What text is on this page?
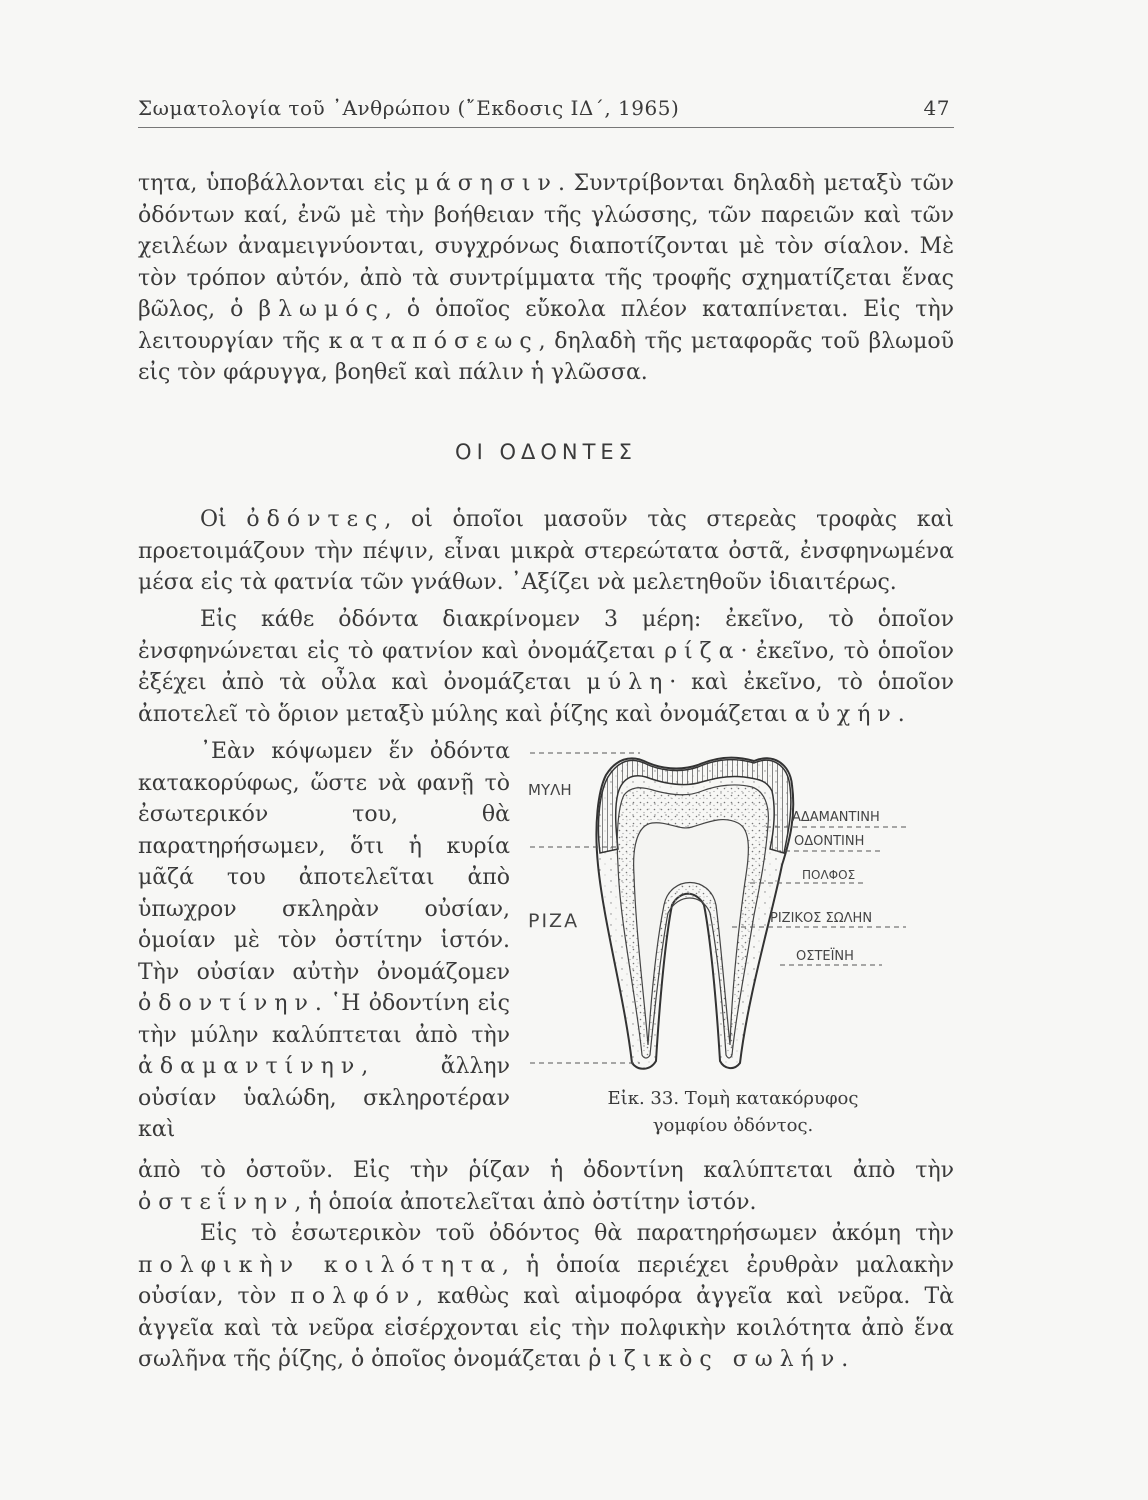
Σωματολογία τοῦ ᾿Ανθρώπου (῎Εκδοσις ΙΔ΄, 1965)	47
τητα, ὑποβάλλονται εἰς μάσησιν. Συντρίβονται δηλαδὴ μεταξὺ τῶν ὀδόντων καί, ἐνῶ μὲ τὴν βοήθειαν τῆς γλώσσης, τῶν παρειῶν καὶ τῶν χειλέων ἀναμειγνύονται, συγχρόνως διαποτίζονται μὲ τὸν σίαλον. Μὲ τὸν τρόπον αὐτόν, ἀπὸ τὰ συντρίμματα τῆς τροφῆς σχηματίζεται ἕνας βῶλος, ὁ βλωμός, ὁ ὁποῖος εὔκολα πλέον καταπίνεται. Εἰς τὴν λειτουργίαν τῆς καταπόσεως, δηλαδὴ τῆς μεταφορᾶς τοῦ βλωμοῦ εἰς τὸν φάρυγγα, βοηθεῖ καὶ πάλιν ἡ γλῶσσα.
ΟΙ ΟΔΟΝΤΕΣ
Οἱ ὀδόντες, οἱ ὁποῖοι μασοῦν τὰς στερεὰς τροφὰς καὶ προετοιμάζουν τὴν πέψιν, εἶναι μικρὰ στερεώτατα ὀστᾶ, ἐνσφηνωμένα μέσα εἰς τὰ φατνία τῶν γνάθων. ᾿Αξίζει νὰ μελετηθοῦν ἰδιαιτέρως.
Εἰς κάθε ὀδόντα διακρίνομεν 3 μέρη: ἐκεῖνο, τὸ ὁποῖον ἐνσφηνώνεται εἰς τὸ φατνίον καὶ ὀνομάζεται ρίζα· ἐκεῖνο, τὸ ὁποῖον ἐξέχει ἀπὸ τὰ οὖλα καὶ ὀνομάζεται μύλη· καὶ ἐκεῖνο, τὸ ὁποῖον ἀποτελεῖ τὸ ὅριον μεταξὺ μύλης καὶ ῥίζης καὶ ὀνομάζεται αὐχήν.
᾿Εὰν κόψωμεν ἕν ὀδόντα κατακορύφως, ὥστε νὰ φανῇ τὸ ἐσωτερικόν του, θὰ παρατηρήσωμεν, ὅτι ἡ κυρία μᾶζά του ἀποτελεῖται ἀπὸ ὑπωχρον σκληρὰν οὐσίαν, ὁμοίαν μὲ τὸν ὀστίτην ἱστόν. Τὴν οὐσίαν αὐτὴν ὀνομάζομεν ὀδοντίνην. ῾Η ὀδοντίνη εἰς τὴν μύλην καλύπτεται ἀπὸ τὴν ἀδαμαντίνην, ἄλλην οὐσίαν ὑαλώδη, σκληροτέραν καὶ
ἀπὸ τὸ ὀστοῦν. Εἰς τὴν ῥίζαν ἡ ὀδοντίνη καλύπτεται ἀπὸ τὴν ὀστεΐνην, ἡ ὁποία ἀποτελεῖται ἀπὸ ὀστίτην ἱστόν.
Εἰς τὸ ἐσωτερικὸν τοῦ ὀδόντος θὰ παρατηρήσωμεν ἀκόμη τὴν πολφικὴν κοιλότητα, ἡ ὁποία περιέχει ἐρυθρὰν μαλακὴν οὐσίαν, τὸν πολφόν, καθὼς καὶ αἱμοφόρα ἀγγεῖα καὶ νεῦρα. Τὰ ἀγγεῖα καὶ τὰ νεῦρα εἰσέρχονται εἰς τὴν πολφικὴν κοιλότητα ἀπὸ ἕνα σωλῆνα τῆς ῥίζης, ὁ ὁποῖος ὀνομάζεται ῥιζικὸς σωλήν.
ΜΥΛΗ
ΡΙΖΑ
ΑΔΑΜΑΝΤΙΝΗ
ΟΔΟΝΤΙΝΗ
ΠΟΛΦΟΣ
ΡΙΖΙΚΟΣ ΣΩΛΗΝ
ΟΣΤΕΪΝΗ
Εἰκ. 33. Τομὴ κατακόρυφος
γομφίου ὀδόντος.
